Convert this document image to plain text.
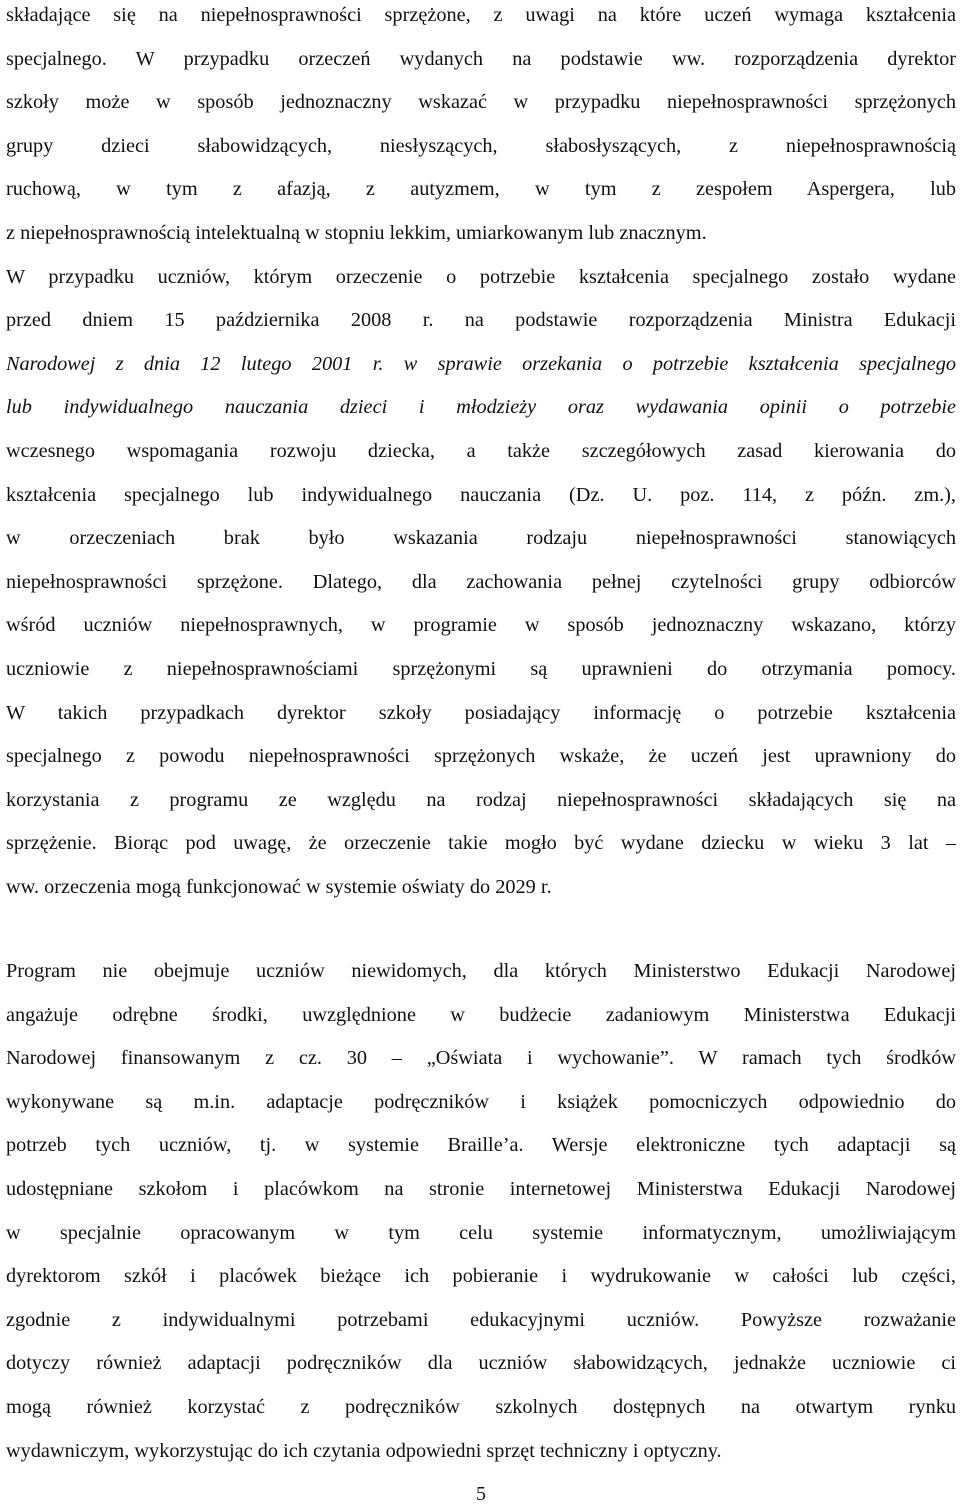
składające się na niepełnosprawności sprzężone, z uwagi na które uczeń wymaga kształcenia
specjalnego. W przypadku orzeczeń wydanych na podstawie ww. rozporządzenia dyrektor
szkoły może w sposób jednoznaczny wskazać w przypadku niepełnosprawności sprzężonych
grupy dzieci słabowidzących, niesłyszących, słabosłyszących, z niepełnosprawnością
ruchową, w tym z afazją, z autyzmem, w tym z zespołem Aspergera, lub
z niepełnosprawnością intelektualną w stopniu lekkim, umiarkowanym lub znacznym.
W przypadku uczniów, którym orzeczenie o potrzebie kształcenia specjalnego zostało wydane
przed dniem 15 października 2008 r. na podstawie rozporządzenia Ministra Edukacji
Narodowej z dnia 12 lutego 2001 r. w sprawie orzekania o potrzebie kształcenia specjalnego
lub indywidualnego nauczania dzieci i młodzieży oraz wydawania opinii o potrzebie
wczesnego wspomagania rozwoju dziecka, a także szczegółowych zasad kierowania do
kształcenia specjalnego lub indywidualnego nauczania (Dz. U. poz. 114, z późn. zm.),
w orzeczeniach brak było wskazania rodzaju niepełnosprawności stanowiących
niepełnosprawności sprzężone. Dlatego, dla zachowania pełnej czytelności grupy odbiorców
wśród uczniów niepełnosprawnych, w programie w sposób jednoznaczny wskazano, którzy
uczniowie z niepełnosprawnościami sprzężonymi są uprawnieni do otrzymania pomocy.
W takich przypadkach dyrektor szkoły posiadający informację o potrzebie kształcenia
specjalnego z powodu niepełnosprawności sprzężonych wskaże, że uczeń jest uprawniony do
korzystania z programu ze względu na rodzaj niepełnosprawności składających się na
sprzężenie. Biorąc pod uwagę, że orzeczenie takie mogło być wydane dziecku w wieku 3 lat –
ww. orzeczenia mogą funkcjonować w systemie oświaty do 2029 r.
Program nie obejmuje uczniów niewidomych, dla których Ministerstwo Edukacji Narodowej
angażuje odrębne środki, uwzględnione w budżecie zadaniowym Ministerstwa Edukacji
Narodowej finansowanym z cz. 30 – „Oświata i wychowanie”. W ramach tych środków
wykonywane są m.in. adaptacje podręczników i książek pomocniczych odpowiednio do
potrzeb tych uczniów, tj. w systemie Braille’a. Wersje elektroniczne tych adaptacji są
udostępniane szkołom i placówkom na stronie internetowej Ministerstwa Edukacji Narodowej
w specjalnie opracowanym w tym celu systemie informatycznym, umożliwiającym
dyrektorom szkół i placówek bieżące ich pobieranie i wydrukowanie w całości lub części,
zgodnie z indywidualnymi potrzebami edukacyjnymi uczniów. Powyższe rozważanie
dotyczy również adaptacji podręczników dla uczniów słabowidzących, jednakże uczniowie ci
mogą również korzystać z podręczników szkolnych dostępnych na otwartym rynku
wydawniczym, wykorzystując do ich czytania odpowiedni sprzęt techniczny i optyczny.
5
